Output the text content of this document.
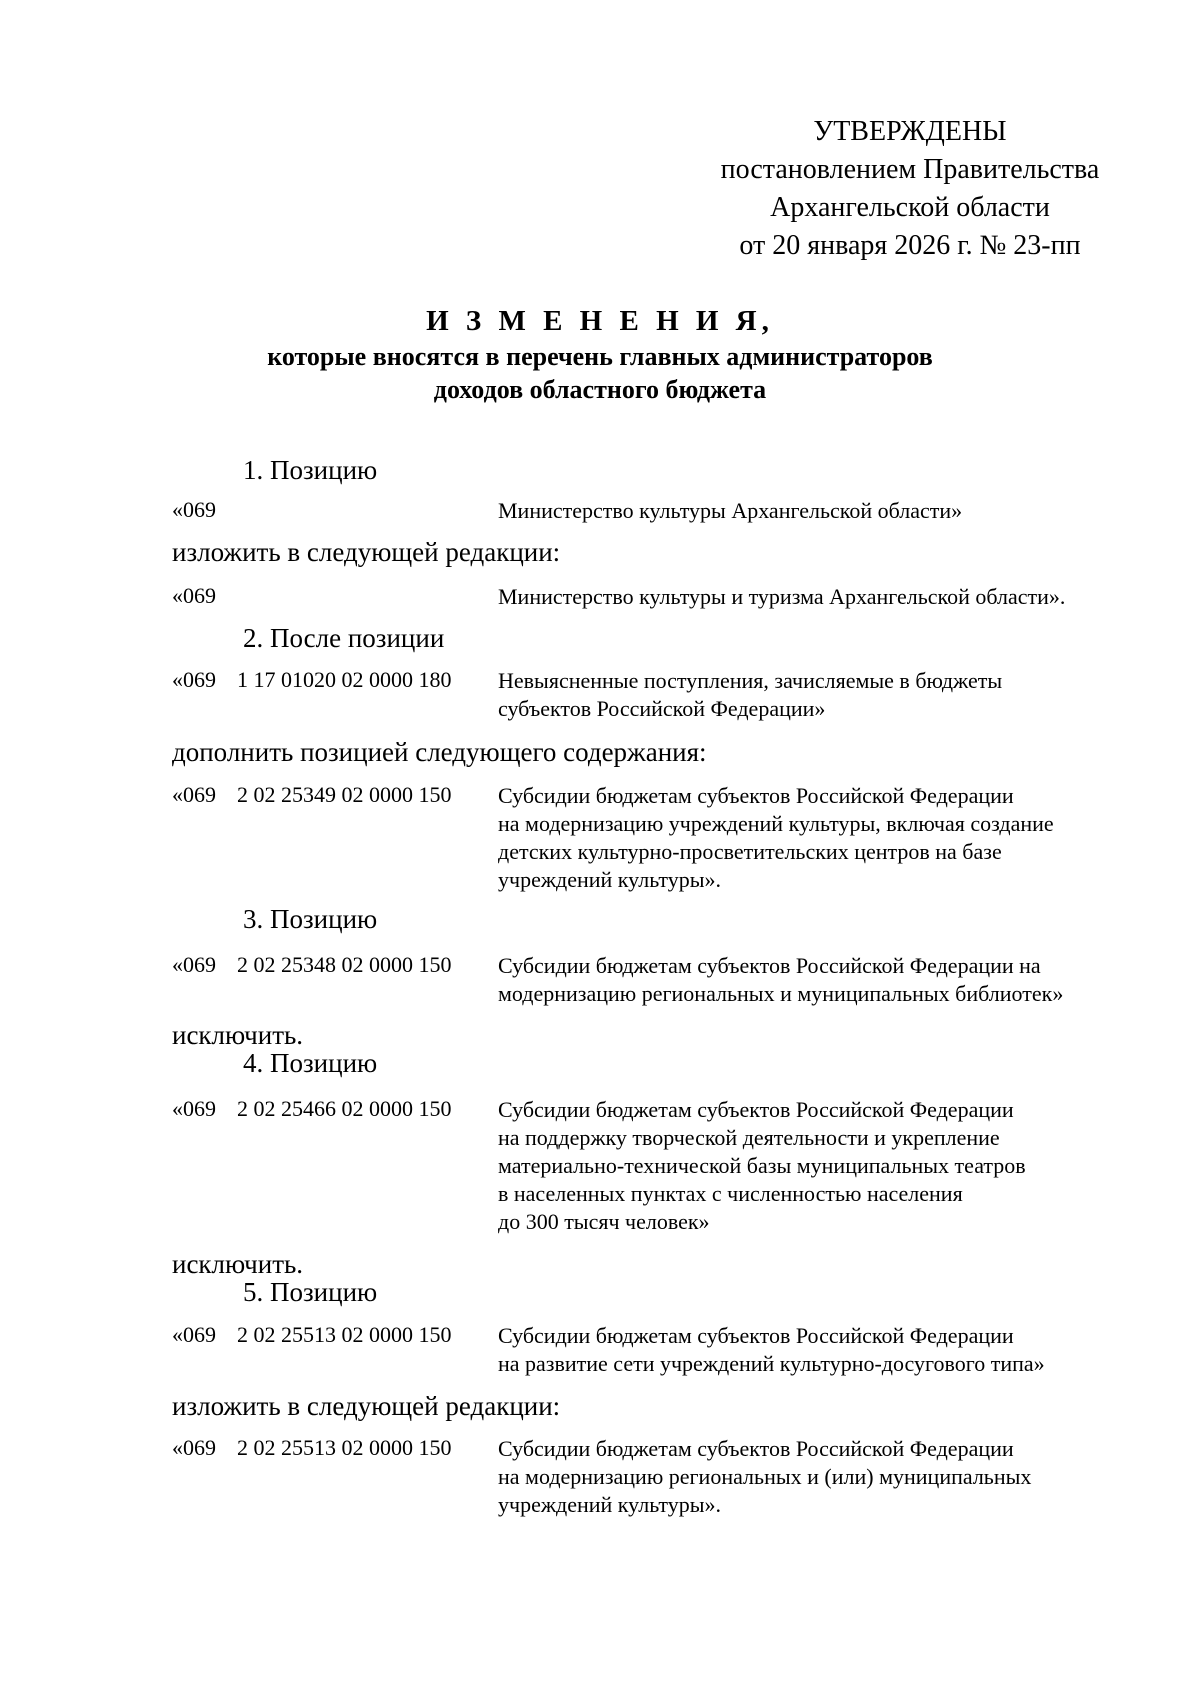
УТВЕРЖДЕНЫ
постановлением Правительства
Архангельской области
от 20 января 2026 г. № 23-пп
И З М Е Н Е Н И Я,
которые вносятся в перечень главных администраторов
доходов областного бюджета
1. Позицию
«069	Министерство культуры Архангельской области»
изложить в следующей редакции:
«069	Министерство культуры и туризма Архангельской области».
2. После позиции
«069 1 17 01020 02 0000 180 Невыясненные поступления, зачисляемые в бюджеты
субъектов Российской Федерации»
дополнить позицией следующего содержания:
«069 2 02 25349 02 0000 150 Субсидии бюджетам субъектов Российской Федерации
на модернизацию учреждений культуры, включая создание
детских культурно-просветительских центров на базе
учреждений культуры».
3. Позицию
«069 2 02 25348 02 0000 150 Субсидии бюджетам субъектов Российской Федерации на
модернизацию региональных и муниципальных библиотек»
исключить.
4. Позицию
«069 2 02 25466 02 0000 150 Субсидии бюджетам субъектов Российской Федерации
на поддержку творческой деятельности и укрепление
материально-технической базы муниципальных театров
в населенных пунктах с численностью населения
до 300 тысяч человек»
исключить.
5. Позицию
«069 2 02 25513 02 0000 150 Субсидии бюджетам субъектов Российской Федерации
на развитие сети учреждений культурно-досугового типа»
изложить в следующей редакции:
«069 2 02 25513 02 0000 150 Субсидии бюджетам субъектов Российской Федерации
на модернизацию региональных и (или) муниципальных
учреждений культуры».
